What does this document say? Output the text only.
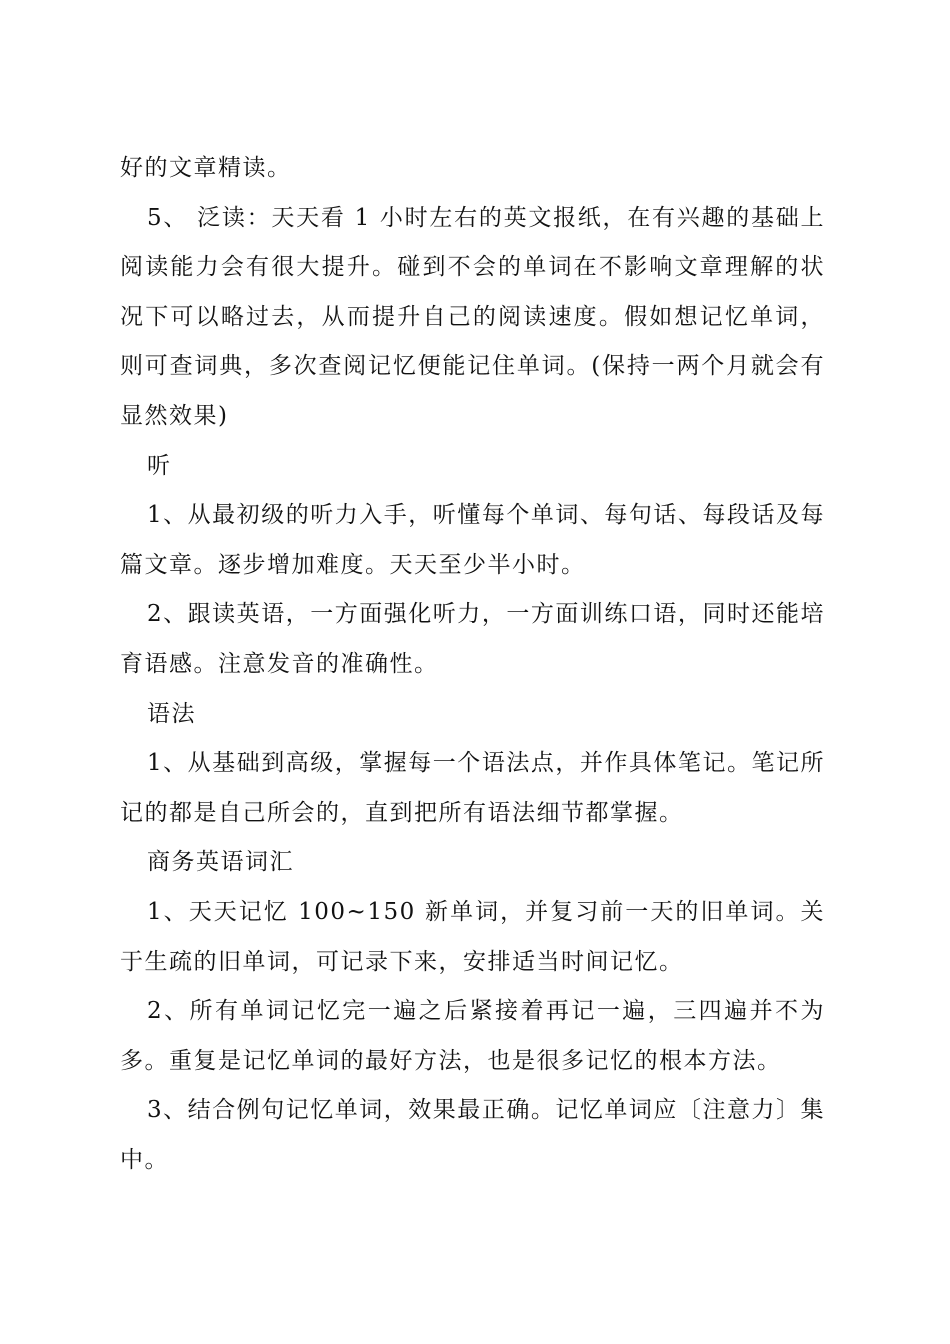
好的文章精读。

5、 泛读：天天看 1 小时左右的英文报纸，在有兴趣的基础上阅读能力会有很大提升。碰到不会的单词在不影响文章理解的状况下可以略过去，从而提升自己的阅读速度。假如想记忆单词，则可查词典，多次查阅记忆便能记住单词。(保持一两个月就会有显然效果)

听

1、从最初级的听力入手，听懂每个单词、每句话、每段话及每篇文章。逐步增加难度。天天至少半小时。

2、跟读英语，一方面强化听力，一方面训练口语，同时还能培育语感。注意发音的准确性。

语法

1、从基础到高级，掌握每一个语法点，并作具体笔记。笔记所记的都是自己所会的，直到把所有语法细节都掌握。

商务英语词汇

1、天天记忆 100~150 新单词，并复习前一天的旧单词。关于生疏的旧单词，可记录下来，安排适当时间记忆。

2、所有单词记忆完一遍之后紧接着再记一遍，三四遍并不为多。重复是记忆单词的最好方法，也是很多记忆的根本方法。

3、结合例句记忆单词，效果最正确。记忆单词应〔注意力〕集中。
